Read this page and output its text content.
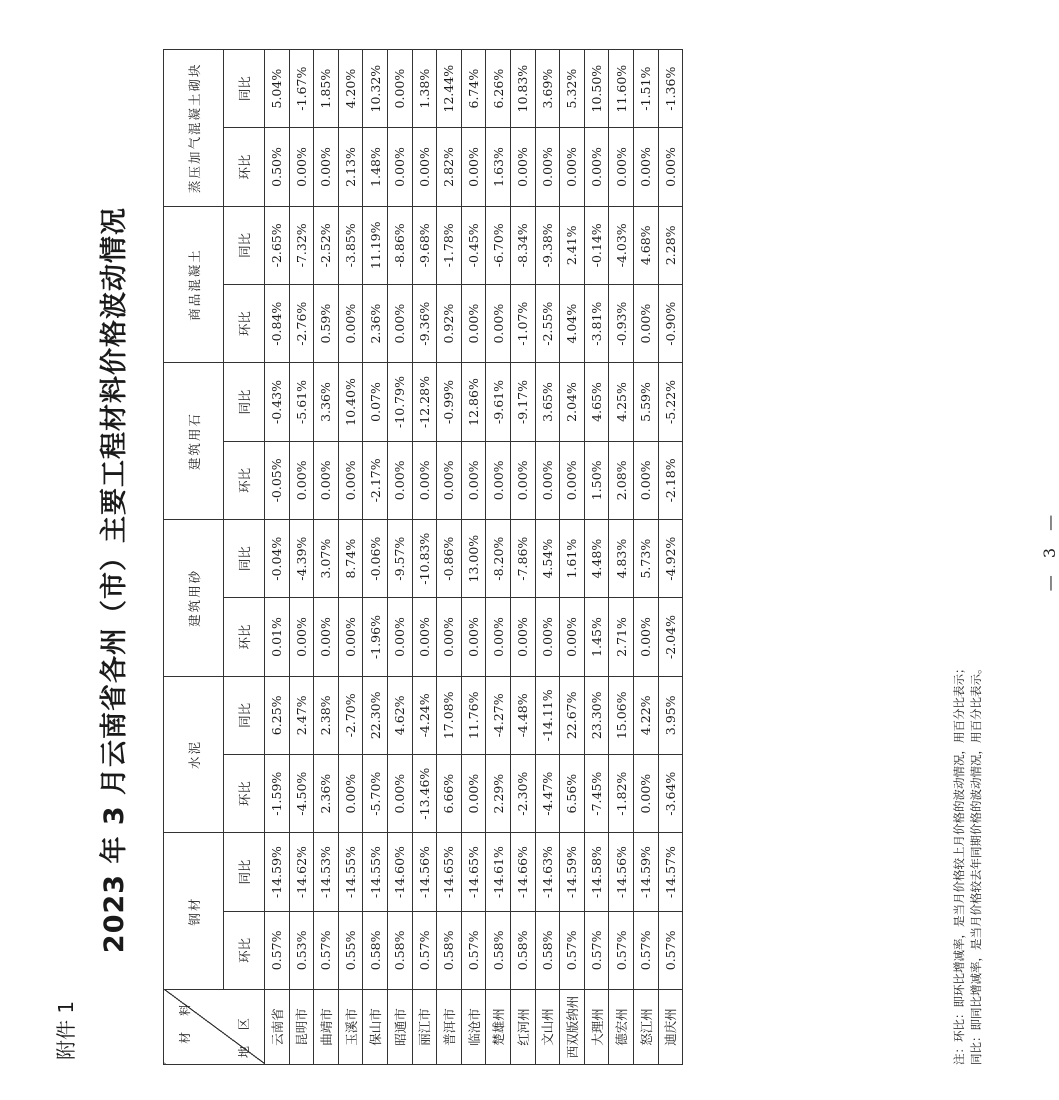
附件 1
2023 年 3 月云南省各州（市）主要工程材料价格波动情况
材 料 地 区	钢材		水泥		建筑用砂		建筑用石		商品混凝土		蒸压加气混凝土砌块	
	环比	同比	环比	同比	环比	同比	环比	同比	环比	同比	环比	同比
云南省	0.57%	-14.59%	-1.59%	6.25%	0.01%	-0.04%	-0.05%	-0.43%	-0.84%	-2.65%	0.50%	5.04%
昆明市	0.53%	-14.62%	-4.50%	2.47%	0.00%	-4.39%	0.00%	-5.61%	-2.76%	-7.32%	0.00%	-1.67%
曲靖市	0.57%	-14.53%	2.36%	2.38%	0.00%	3.07%	0.00%	3.36%	0.59%	-2.52%	0.00%	1.85%
玉溪市	0.55%	-14.55%	0.00%	-2.70%	0.00%	8.74%	0.00%	10.40%	0.00%	-3.85%	2.13%	4.20%
保山市	0.58%	-14.55%	-5.70%	22.30%	-1.96%	-0.06%	-2.17%	0.07%	2.36%	11.19%	1.48%	10.32%
昭通市	0.58%	-14.60%	0.00%	4.62%	0.00%	-9.57%	0.00%	-10.79%	0.00%	-8.86%	0.00%	0.00%
丽江市	0.57%	-14.56%	-13.46%	-4.24%	0.00%	-10.83%	0.00%	-12.28%	-9.36%	-9.68%	0.00%	1.38%
普洱市	0.58%	-14.65%	6.66%	17.08%	0.00%	-0.86%	0.00%	-0.99%	0.92%	-1.78%	2.82%	12.44%
临沧市	0.57%	-14.65%	0.00%	11.76%	0.00%	13.00%	0.00%	12.86%	0.00%	-0.45%	0.00%	6.74%
楚雄州	0.58%	-14.61%	2.29%	-4.27%	0.00%	-8.20%	0.00%	-9.61%	0.00%	-6.70%	1.63%	6.26%
红河州	0.58%	-14.66%	-2.30%	-4.48%	0.00%	-7.86%	0.00%	-9.17%	-1.07%	-8.34%	0.00%	10.83%
文山州	0.58%	-14.63%	-4.47%	-14.11%	0.00%	4.54%	0.00%	3.65%	-2.55%	-9.38%	0.00%	3.69%
西双版纳州	0.57%	-14.59%	6.56%	22.67%	0.00%	1.61%	0.00%	2.04%	4.04%	2.41%	0.00%	5.32%
大理州	0.57%	-14.58%	-7.45%	23.30%	1.45%	4.48%	1.50%	4.65%	-3.81%	-0.14%	0.00%	10.50%
德宏州	0.57%	-14.56%	-1.82%	15.06%	2.71%	4.83%	2.08%	4.25%	-0.93%	-4.03%	0.00%	11.60%
怒江州	0.57%	-14.59%	0.00%	4.22%	0.00%	5.73%	0.00%	5.59%	0.00%	4.68%	0.00%	-1.51%
迪庆州	0.57%	-14.57%	-3.64%	3.95%	-2.04%	-4.92%	-2.18%	-5.22%	-0.90%	2.28%	0.00%	-1.36%
注：环比：即环比增减率，是当月价格较上月价格的波动情况，用百分比表示； 同比：即同比增减率，是当月价格较去年同期价格的波动情况，用百分比表示。
— 3 —
